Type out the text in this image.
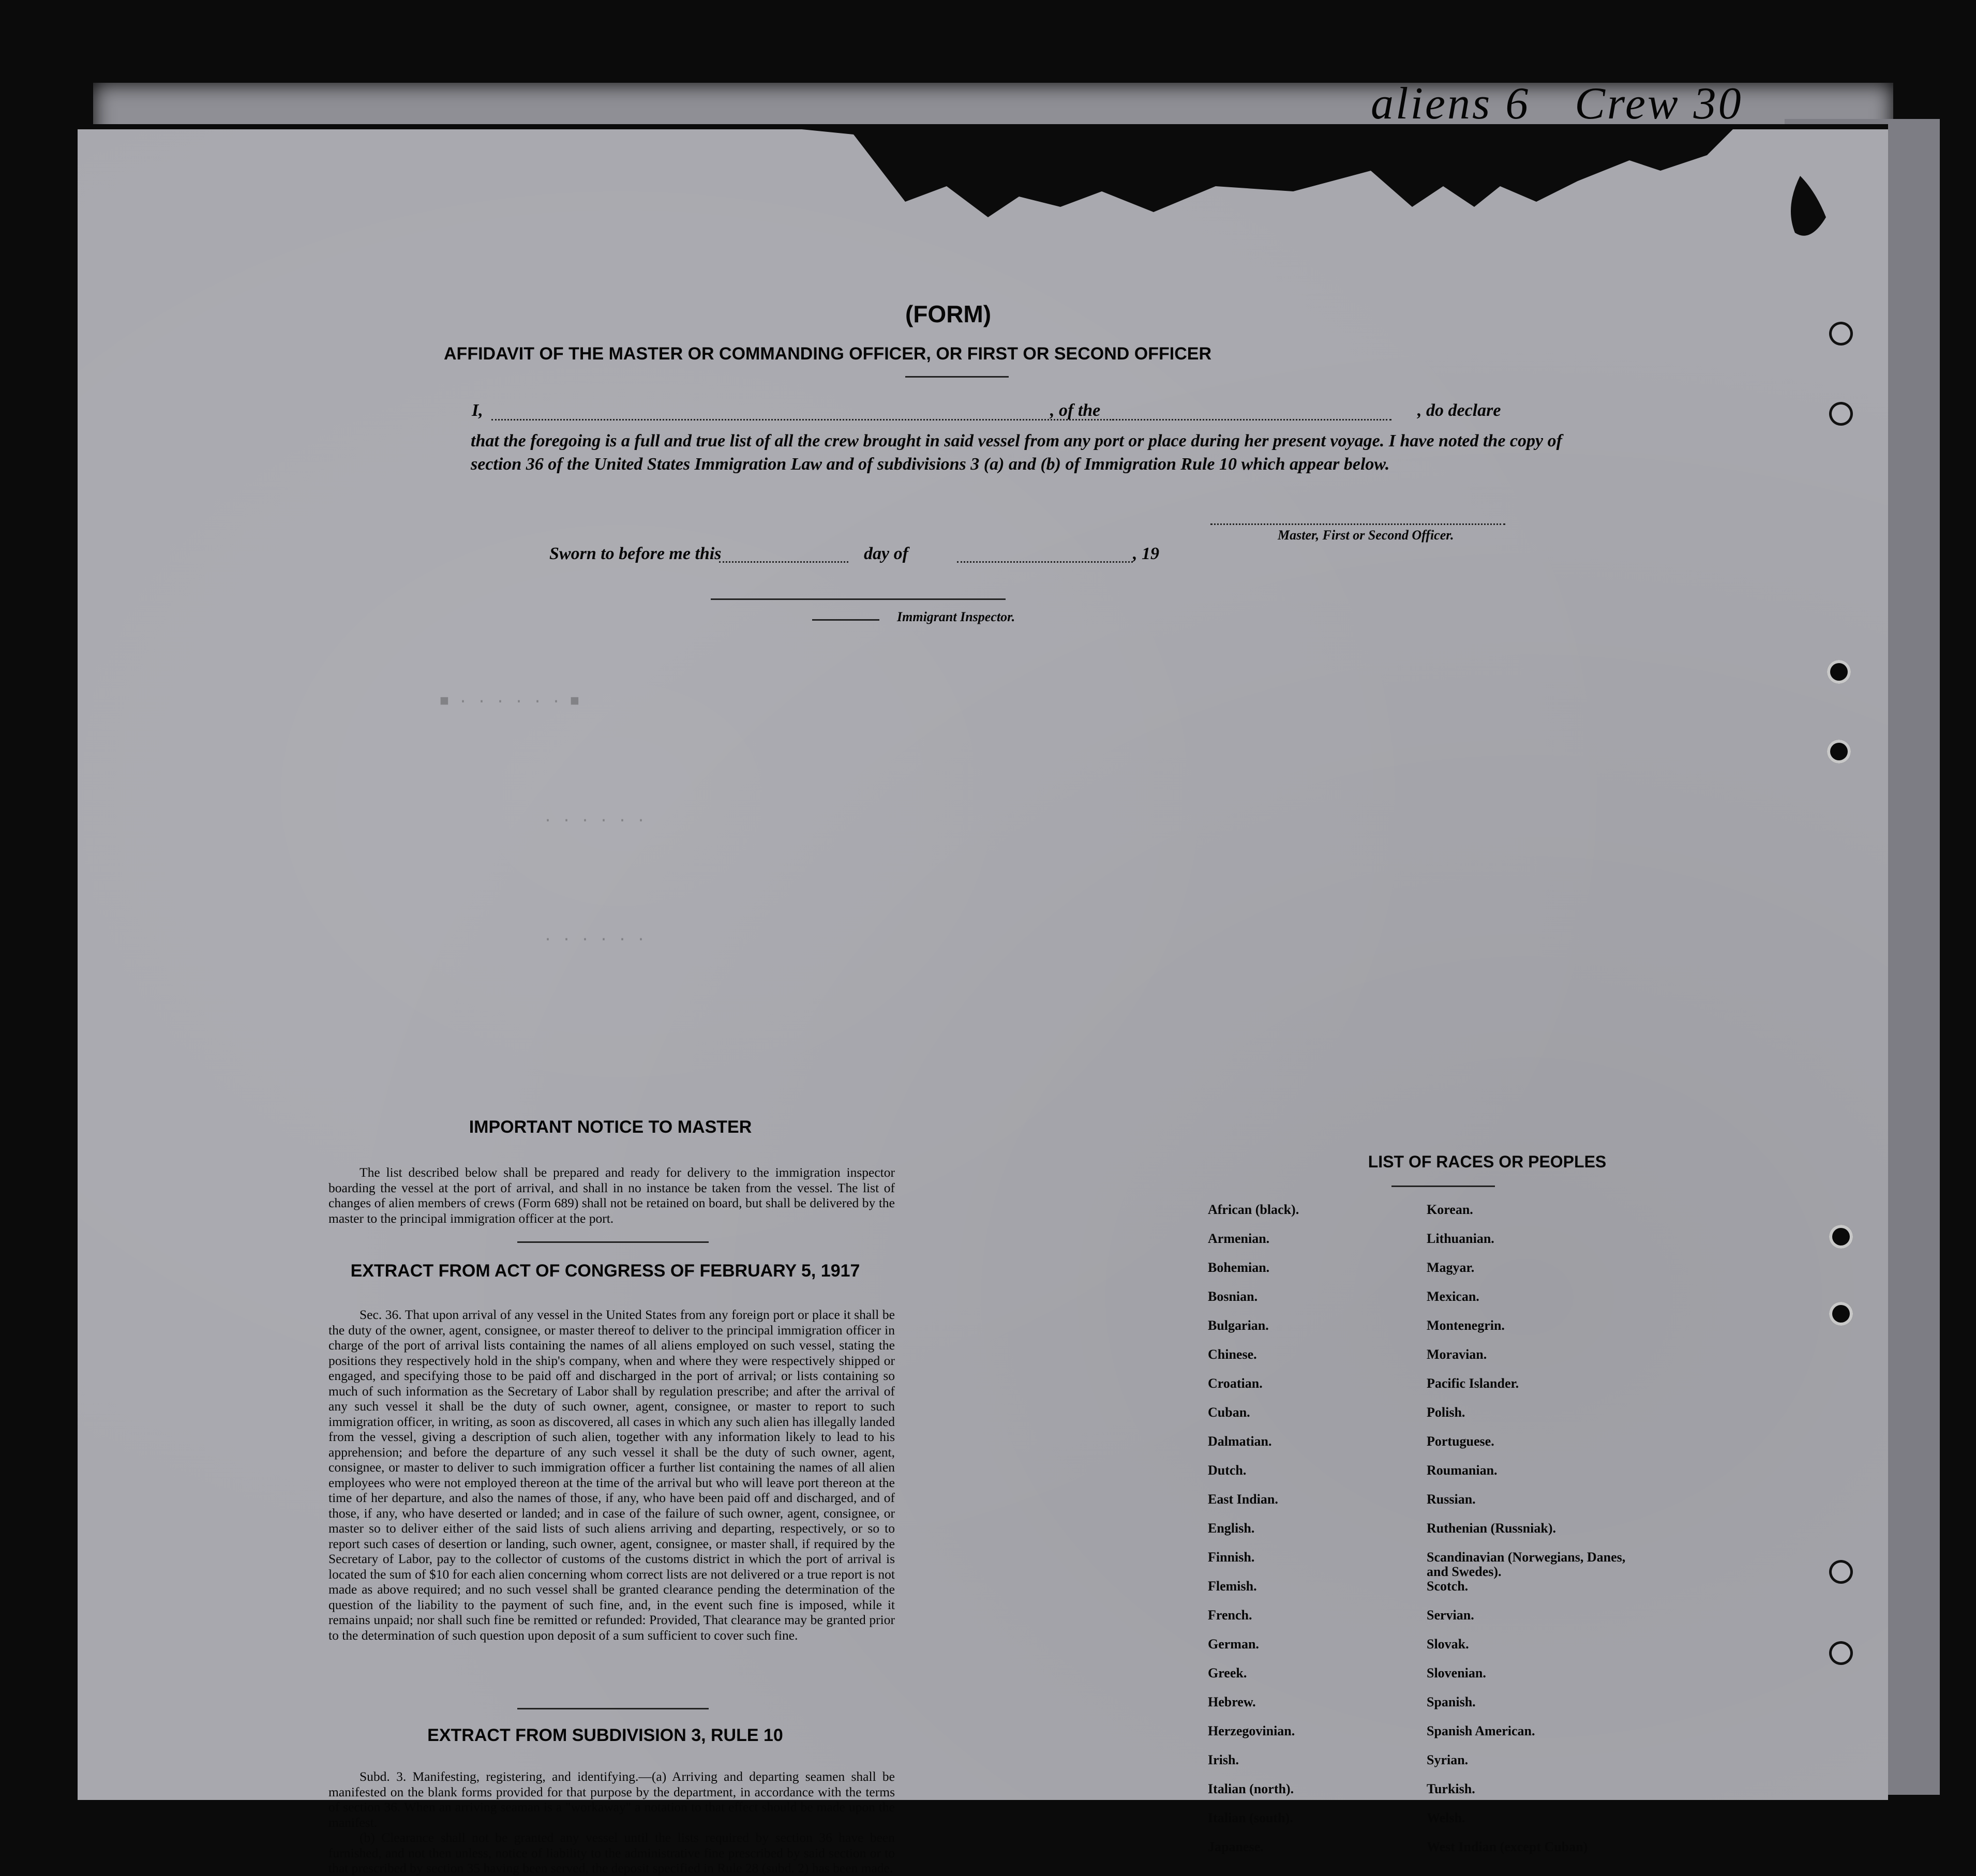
aliens 6 Crew 30
■ · · · · · · ■
· · · · · ·
· · · · · ·
(FORM)
AFFIDAVIT OF THE MASTER OR COMMANDING OFFICER, OR FIRST OR SECOND OFFICER
I,	, of the	, do declare
that the foregoing is a full and true list of all the crew brought in said vessel from any port or place during her present voyage. I have noted the copy of section 36 of the United States Immigration Law and of subdivisions 3 (a) and (b) of Immigration Rule 10 which appear below.
Master, First or Second Officer.
Sworn to before me this	day of	, 19
Immigrant Inspector.
IMPORTANT NOTICE TO MASTER

The list described below shall be prepared and ready for delivery to the immigration inspector boarding the vessel at the port of arrival, and shall in no instance be taken from the vessel. The list of changes of alien members of crews (Form 689) shall not be retained on board, but shall be delivered by the master to the principal immigration officer at the port.

EXTRACT FROM ACT OF CONGRESS OF FEBRUARY 5, 1917

Sec. 36. That upon arrival of any vessel in the United States from any foreign port or place it shall be the duty of the owner, agent, consignee, or master thereof to deliver to the principal immigration officer in charge of the port of arrival lists containing the names of all aliens employed on such vessel, stating the positions they respectively hold in the ship's company, when and where they were respectively shipped or engaged, and specifying those to be paid off and discharged in the port of arrival; or lists containing so much of such information as the Secretary of Labor shall by regulation prescribe; and after the arrival of any such vessel it shall be the duty of such owner, agent, consignee, or master to report to such immigration officer, in writing, as soon as discovered, all cases in which any such alien has illegally landed from the vessel, giving a description of such alien, together with any information likely to lead to his apprehension; and before the departure of any such vessel it shall be the duty of such owner, agent, consignee, or master to deliver to such immigration officer a further list containing the names of all alien employees who were not employed thereon at the time of the arrival but who will leave port thereon at the time of her departure, and also the names of those, if any, who have been paid off and discharged, and of those, if any, who have deserted or landed; and in case of the failure of such owner, agent, consignee, or master so to deliver either of the said lists of such aliens arriving and departing, respectively, or so to report such cases of desertion or landing, such owner, agent, consignee, or master shall, if required by the Secretary of Labor, pay to the collector of customs of the customs district in which the port of arrival is located the sum of $10 for each alien concerning whom correct lists are not delivered or a true report is not made as above required; and no such vessel shall be granted clearance pending the determination of the question of the liability to the payment of such fine, and, in the event such fine is imposed, while it remains unpaid; nor shall such fine be remitted or refunded: Provided, That clearance may be granted prior to the determination of such question upon deposit of a sum sufficient to cover such fine.

EXTRACT FROM SUBDIVISION 3, RULE 10

Subd. 3. Manifesting, registering, and identifying.—(a) Arriving and departing seamen shall be manifested on the blank forms provided for that purpose by the department, in accordance with the terms of section 36. When an arriving seaman is a "workaway" a notation to that effect should be made upon the manifest.

(b) Clearance shall not be granted any vessel until the lists required by section 36 have been furnished, and not then unless, notice of liability to the administrative fine prescribed by said section or to that prescribed by section 35 having been served, the deposit specified in Rule 28 (subd. 2) has been made.

LIST OF RACES OR PEOPLES
African (black).
Armenian.
Bohemian.
Bosnian.
Bulgarian.
Chinese.
Croatian.
Cuban.
Dalmatian.
Dutch.
East Indian.
English.
Finnish.
Flemish.
French.
German.
Greek.
Hebrew.
Herzegovinian.
Irish.
Italian (north).
Italian (south).
Japanese.
Korean.
Lithuanian.
Magyar.
Mexican.
Montenegrin.
Moravian.
Pacific Islander.
Polish.
Portuguese.
Roumanian.
Russian.
Ruthenian (Russniak).
Scandinavian (Norwegians, Danes, and Swedes).
Scotch.
Servian.
Slovak.
Slovenian.
Spanish.
Spanish American.
Syrian.
Turkish.
Welsh.
West Indian (except Cuban)
